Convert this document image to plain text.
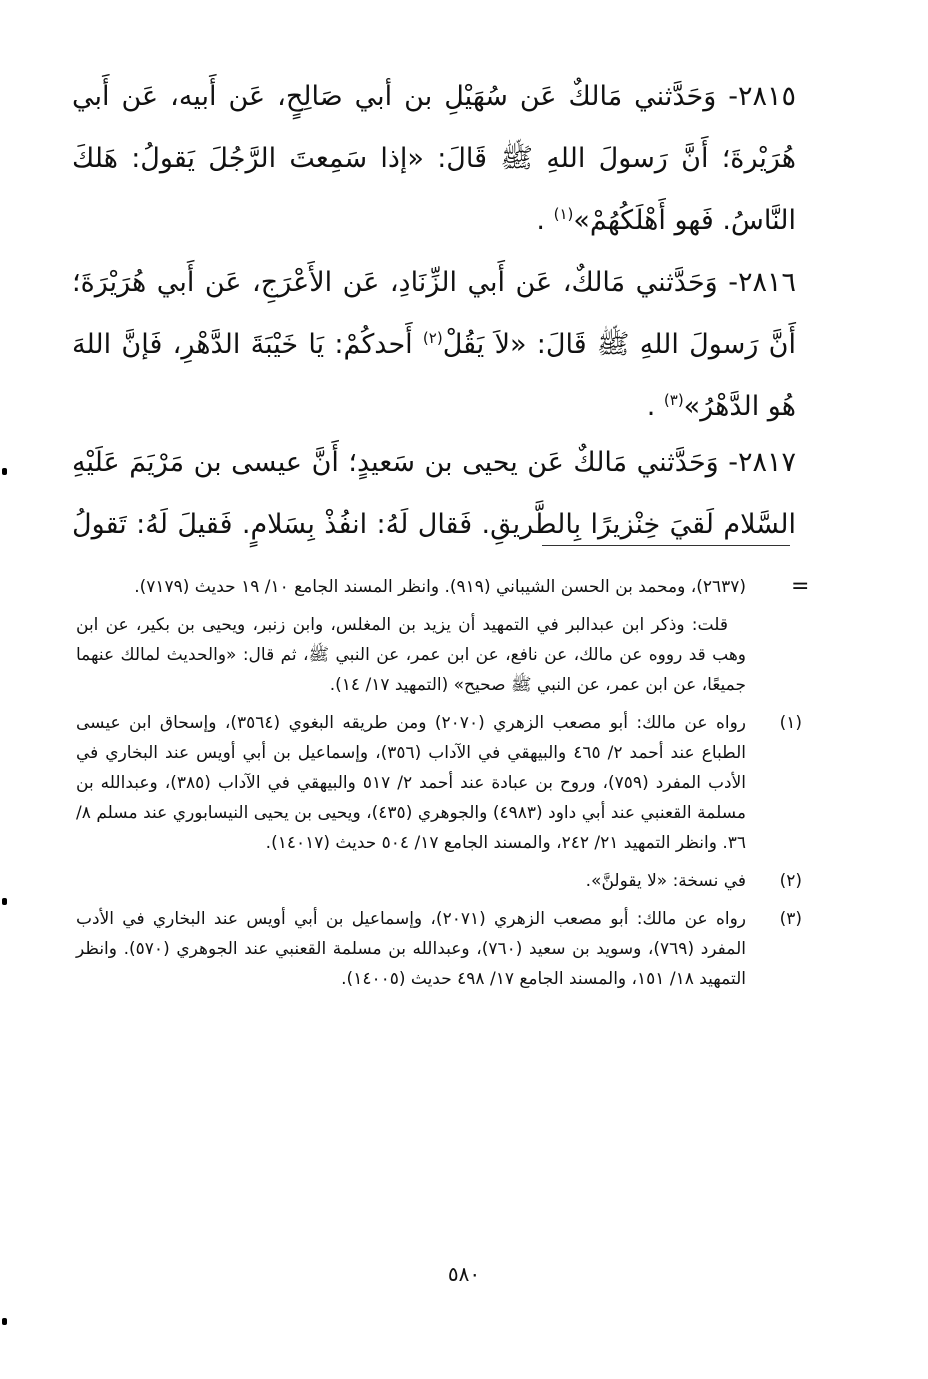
٢٨١٥- وَحَدَّثني مَالكٌ عَن سُهَيْلِ بن أبي صَالِحٍ، عَن أَبيه، عَن أَبي هُرَيْرةَ؛ أَنَّ رَسولَ اللهِ ﷺ قَالَ: «إذا سَمِعتَ الرَّجُلَ يَقولُ: هَلكَ النَّاسُ. فَهو أَهْلَكُهُمْ»$^{(١)}$ .

٢٨١٦- وَحَدَّثني مَالكٌ، عَن أَبي الزِّنَادِ، عَن الأَعْرَجِ، عَن أَبي هُرَيْرَةَ؛ أَنَّ رَسولَ اللهِ ﷺ قَالَ: «لاَ يَقُلْ$^{(٢)}$ أَحدكُمْ: يَا خَيْبَةَ الدَّهْرِ، فَإنَّ اللهَ هُو الدَّهْرُ»$^{(٣)}$ .

٢٨١٧- وَحَدَّثني مَالكٌ عَن يحيى بن سَعيدٍ؛ أَنَّ عيسى بن مَرْيَمَ عَلَيْهِ السَّلام لَقيَ خِنْزيرًا بِالطَّريقِ. فَقال لَهُ: انفُذْ بِسَلامٍ. فَقيلَ لَهُ: تَقولُ

=

(٢٦٣٧)، ومحمد بن الحسن الشيباني (٩١٩). وانظر المسند الجامع ١٠/ ١٩ حديث (٧١٧٩).

قلت: وذكر ابن عبدالبر في التمهيد أن يزيد بن المغلس، وابن زنبر، ويحيى بن بكير، عن ابن وهب قد رووه عن مالك، عن نافع، عن ابن عمر، عن النبي ﷺ، ثم قال: «والحديث لمالك عنهما جميعًا، عن ابن عمر، عن النبي ﷺ صحيح» (التمهيد ١٧/ ١٤).

(١)
رواه عن مالك: أبو مصعب الزهري (٢٠٧٠) ومن طريقه البغوي (٣٥٦٤)، وإسحاق ابن عيسى الطباع عند أحمد ٢/ ٤٦٥ والبيهقي في الآداب (٣٥٦)، وإسماعيل بن أبي أويس عند البخاري في الأدب المفرد (٧٥٩)، وروح بن عبادة عند أحمد ٢/ ٥١٧ والبيهقي في الآداب (٣٨٥)، وعبدالله بن مسلمة القعنبي عند أبي داود (٤٩٨٣) والجوهري (٤٣٥)، ويحيى بن يحيى النيسابوري عند مسلم ٨/ ٣٦. وانظر التمهيد ٢١/ ٢٤٢، والمسند الجامع ١٧/ ٥٠٤ حديث (١٤٠١٧).
(٢)
في نسخة: «لا يقولنَّ».
(٣)
رواه عن مالك: أبو مصعب الزهري (٢٠٧١)، وإسماعيل بن أبي أويس عند البخاري في الأدب المفرد (٧٦٩)، وسويد بن سعيد (٧٦٠)، وعبدالله بن مسلمة القعنبي عند الجوهري (٥٧٠). وانظر التمهيد ١٨/ ١٥١، والمسند الجامع ١٧/ ٤٩٨ حديث (١٤٠٠٥).
٥٨٠
